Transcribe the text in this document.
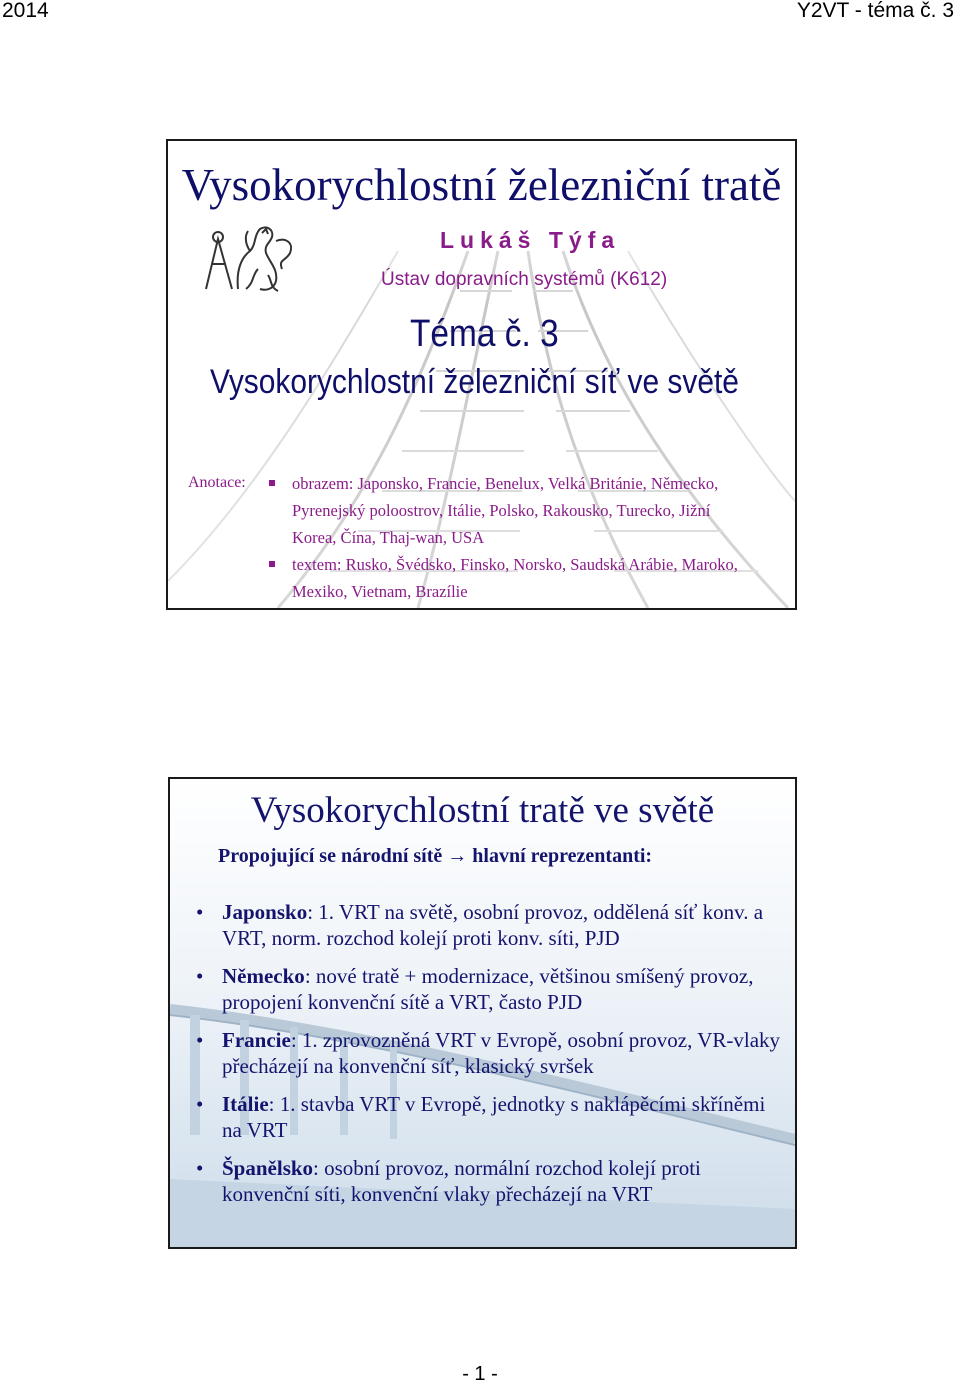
2014	Y2VT - téma č. 3
Vysokorychlostní železniční tratě
Lukáš Týfa
Ústav dopravních systémů (K612)
Téma č. 3
Vysokorychlostní železniční síť ve světě
Anotace:	obrazem: Japonsko, Francie, Benelux, Velká Británie, Německo, Pyrenejský poloostrov, Itálie, Polsko, Rakousko, Turecko, Jižní Korea, Čína, Thaj-wan, USA
textem: Rusko, Švédsko, Finsko, Norsko, Saudská Arábie, Maroko, Mexiko, Vietnam, Brazílie
Vysokorychlostní tratě ve světě
Propojující se národní sítě → hlavní reprezentanti:
• Japonsko: 1. VRT na světě, osobní provoz, oddělená síť konv. a VRT, norm. rozchod kolejí proti konv. síti, PJD
• Německo: nové tratě + modernizace, většinou smíšený provoz, propojení konvenční sítě a VRT, často PJD
• Francie: 1. zprovozněná VRT v Evropě, osobní provoz, VR-vlaky přecházejí na konvenční síť, klasický svršek
• Itálie: 1. stavba VRT v Evropě, jednotky s naklápěcími skříněmi na VRT
• Španělsko: osobní provoz, normální rozchod kolejí proti konvenční síti, konvenční vlaky přecházejí na VRT
- 1 -
